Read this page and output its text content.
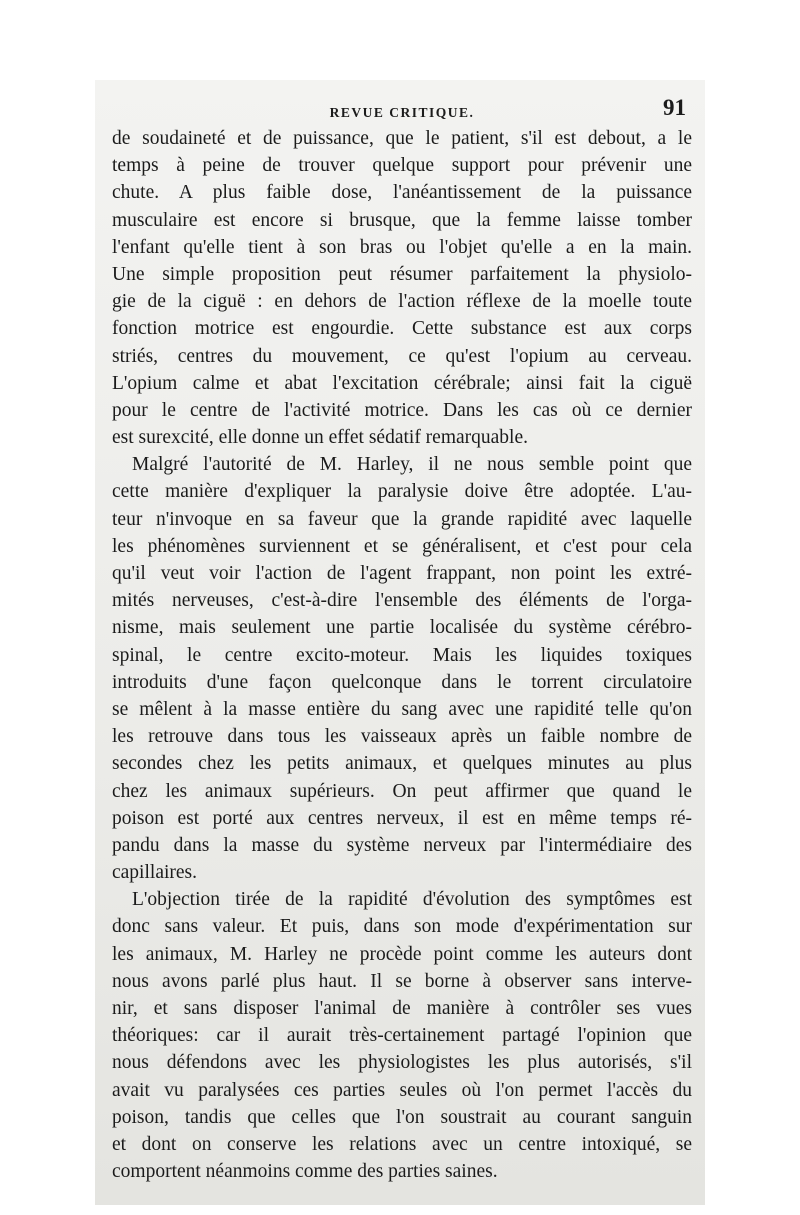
REVUE CRITIQUE.	91
de soudaineté et de puissance, que le patient, s'il est debout, a le
temps à peine de trouver quelque support pour prévenir une
chute. A plus faible dose, l'anéantissement de la puissance
musculaire est encore si brusque, que la femme laisse tomber
l'enfant qu'elle tient à son bras ou l'objet qu'elle a en la main.
Une simple proposition peut résumer parfaitement la physiolo-
gie de la ciguë : en dehors de l'action réflexe de la moelle toute
fonction motrice est engourdie. Cette substance est aux corps
striés, centres du mouvement, ce qu'est l'opium au cerveau.
L'opium calme et abat l'excitation cérébrale; ainsi fait la ciguë
pour le centre de l'activité motrice. Dans les cas où ce dernier
est surexcité, elle donne un effet sédatif remarquable.
Malgré l'autorité de M. Harley, il ne nous semble point que
cette manière d'expliquer la paralysie doive être adoptée. L'au-
teur n'invoque en sa faveur que la grande rapidité avec laquelle
les phénomènes surviennent et se généralisent, et c'est pour cela
qu'il veut voir l'action de l'agent frappant, non point les extré-
mités nerveuses, c'est-à-dire l'ensemble des éléments de l'orga-
nisme, mais seulement une partie localisée du système cérébro-
spinal, le centre excito-moteur. Mais les liquides toxiques
introduits d'une façon quelconque dans le torrent circulatoire
se mêlent à la masse entière du sang avec une rapidité telle qu'on
les retrouve dans tous les vaisseaux après un faible nombre de
secondes chez les petits animaux, et quelques minutes au plus
chez les animaux supérieurs. On peut affirmer que quand le
poison est porté aux centres nerveux, il est en même temps ré-
pandu dans la masse du système nerveux par l'intermédiaire des
capillaires.
L'objection tirée de la rapidité d'évolution des symptômes est
donc sans valeur. Et puis, dans son mode d'expérimentation sur
les animaux, M. Harley ne procède point comme les auteurs dont
nous avons parlé plus haut. Il se borne à observer sans interve-
nir, et sans disposer l'animal de manière à contrôler ses vues
théoriques: car il aurait très-certainement partagé l'opinion que
nous défendons avec les physiologistes les plus autorisés, s'il
avait vu paralysées ces parties seules où l'on permet l'accès du
poison, tandis que celles que l'on soustrait au courant sanguin
et dont on conserve les relations avec un centre intoxiqué, se
comportent néanmoins comme des parties saines.
